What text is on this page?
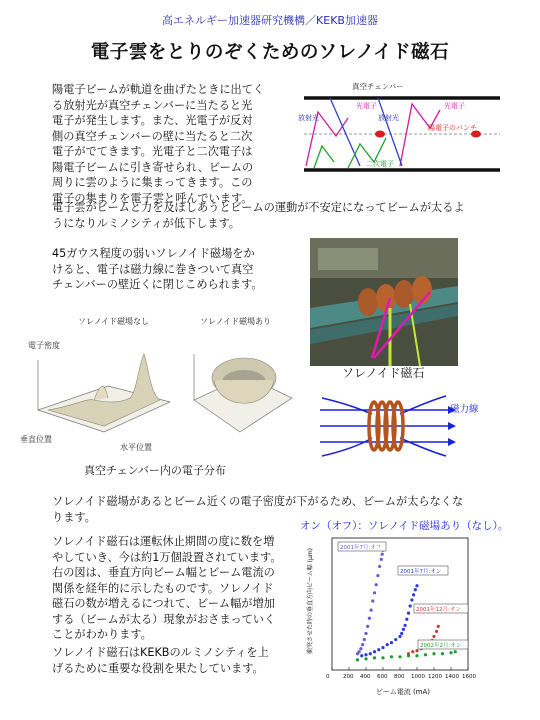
高エネルギー加速器研究機構／KEKB加速器
電子雲をとりのぞくためのソレノイド磁石
陽電子ビームが軌道を曲げたときに出てく
る放射光が真空チェンバーに当たると光
電子が発生します。また、光電子が反対
側の真空チェンバーの壁に当たると二次
電子がでてきます。光電子と二次電子は
陽電子ビームに引き寄せられ、ビームの
周りに雲のように集まってきます。この
電子の集まりを電子雲と呼んでいます。
真空チェンバー
放射光
光電子
放射光
光電子
陽電子のバンチ
二次電子
電子雲がビームと力を及ぼしあうとビームの運動が不安定になってビームが太るよ
うになりルミノシティが低下します。
45ガウス程度の弱いソレノイド磁場をか
けると、電子は磁力線に巻きついて真空
チェンバーの壁近くに閉じこめられます。
ソレノイド磁場なし	ソレノイド磁場あり
電子密度
垂直位置
水平位置
真空チェンバー内の電子分布
ソレノイド磁石
磁力線
ソレノイド磁場があるとビーム近くの電子密度が下がるため、ビームが太らなくな
ります。
ソレノイド磁石は運転休止期間の度に数を増
やしていき、今は約1万個設置されています。
右の図は、垂直方向ビーム幅とビーム電流の
関係を経年的に示したものです。ソレノイド
磁石の数が増えるにつれて、ビーム幅が増加
する（ビームが太る）現象がおさまっていく
ことがわかります。
ソレノイド磁石はKEKBのルミノシティを上
げるために重要な役割を果たしています。
オン（オフ）：ソレノイド磁場あり（なし）。
衝突させた時の垂直方向ビーム幅 (μm)
ビーム電流 (mA)
0 200 400 600 800 1000 1200 1400 1600
2001年7月:オフ
2001年7月:オン
2001年12月:オン
2002年2月:オン
